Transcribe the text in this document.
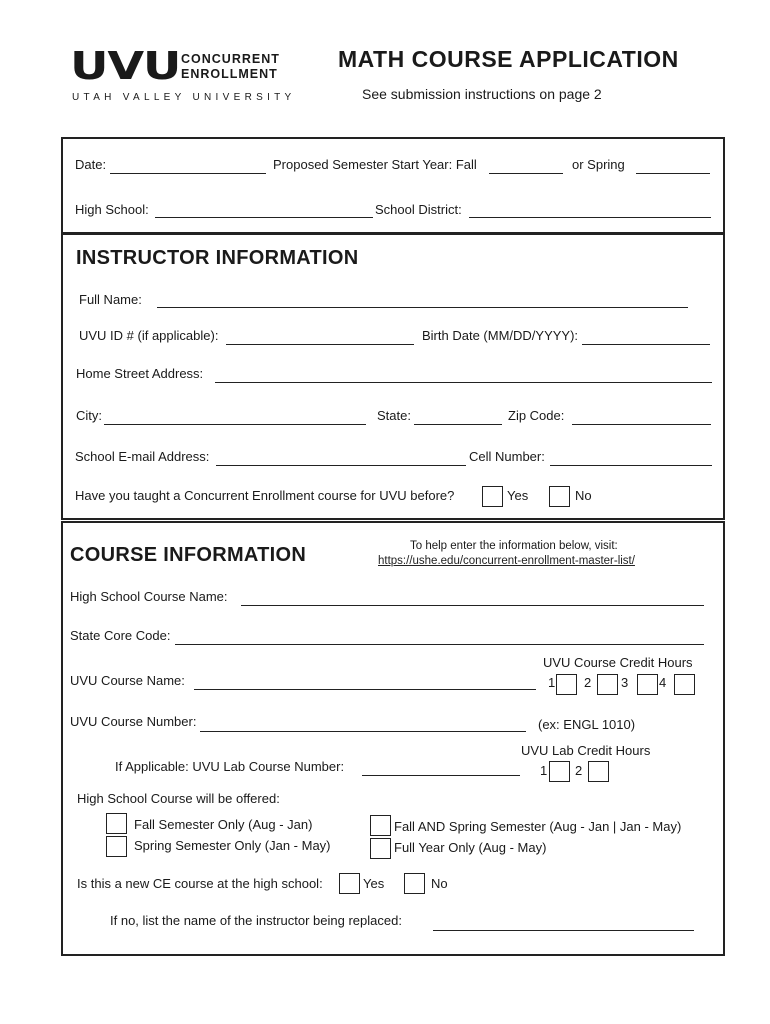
UVU CONCURRENT
ENROLLMENT
UTAH VALLEY UNIVERSITY
MATH COURSE APPLICATION
See submission instructions on page 2
Date:	Proposed Semester Start Year: Fall	or Spring
High School:	School District:
INSTRUCTOR INFORMATION
Full Name:
UVU ID # (if applicable):	Birth Date (MM/DD/YYYY):
Home Street Address:
City:	State:	Zip Code:
School E-mail Address:	Cell Number:
Have you taught a Concurrent Enrollment course for UVU before?	Yes	No
COURSE INFORMATION	To help enter the information below, visit:
https://ushe.edu/concurrent-enrollment-master-list/
High School Course Name:
State Core Code:
UVU Course Credit Hours
UVU Course Name:	1 2 3 4
UVU Course Number:	(ex: ENGL 1010)
UVU Lab Credit Hours
If Applicable: UVU Lab Course Number:	1 2
High School Course will be offered:
Fall Semester Only (Aug - Jan)
Spring Semester Only (Jan - May)
Fall AND Spring Semester (Aug - Jan | Jan - May)
Full Year Only (Aug - May)
Is this a new CE course at the high school:	Yes	No
If no, list the name of the instructor being replaced:
